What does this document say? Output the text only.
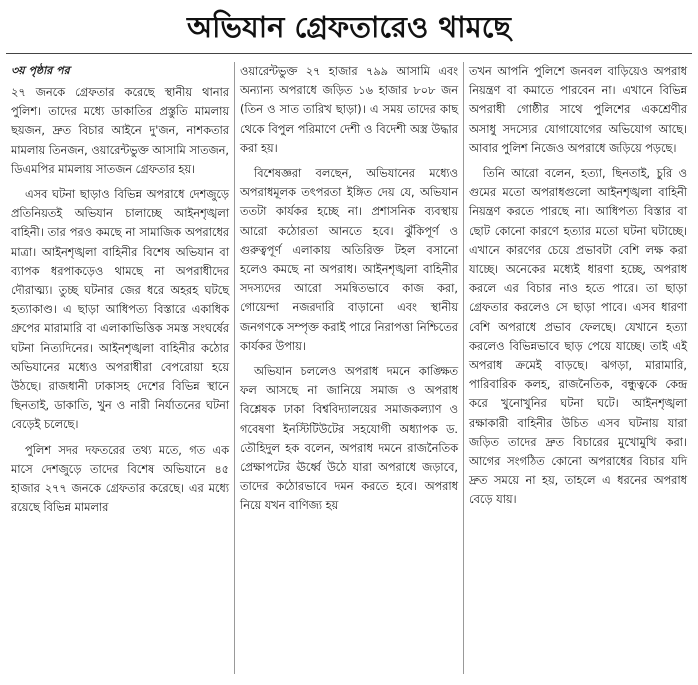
অভিযান গ্রেফতারেও থামছে
৩য় পৃষ্ঠার পর

২৭ জনকে গ্রেফতার করেছে স্থানীয় থানার পুলিশ। তাদের মধ্যে ডাকাতির প্রস্তুতি মামলায় ছয়জন, দ্রুত বিচার আইনে দু'জন, নাশকতার মামলায় তিনজন, ওয়ারেন্টভুক্ত আসামি সাতজন, ডিএমপির মামলায় সাতজন গ্রেফতার হয়।

এসব ঘটনা ছাড়াও বিভিন্ন অপরাধে দেশজুড়ে প্রতিনিয়তই অভিযান চালাচ্ছে আইনশৃঙ্খলা বাহিনী। তার পরও কমছে না সামাজিক অপরাধের মাত্রা। আইনশৃঙ্খলা বাহিনীর বিশেষ অভিযান বা ব্যাপক ধরপাকড়েও থামছে না অপরাধীদের দৌরাত্ম্য। তুচ্ছ ঘটনার জের ধরে অহরহ ঘটছে হত্যাকাণ্ড। এ ছাড়া আধিপত্য বিস্তারে একাধিক গ্রুপের মারামারি বা এলাকাভিত্তিক সমস্ত সংঘর্ষের ঘটনা নিত্যদিনের। আইনশৃঙ্খলা বাহিনীর কঠোর অভিযানের মধ্যেও অপরাধীরা বেপরোয়া হয়ে উঠছে। রাজধানী ঢাকাসহ দেশের বিভিন্ন স্থানে ছিনতাই, ডাকাতি, খুন ও নারী নির্যাতনের ঘটনা বেড়েই চলেছে।

পুলিশ সদর দফতরের তথ্য মতে, গত এক মাসে দেশজুড়ে তাদের বিশেষ অভিযানে ৪৫ হাজার ২৭৭ জনকে গ্রেফতার করেছে। এর মধ্যে রয়েছে বিভিন্ন মামলার

ওয়ারেন্টভুক্ত ২৭ হাজার ৭৯৯ আসামি এবং অন্যান্য অপরাধে জড়িত ১৬ হাজার ৮০৮ জন (তিন ও সাত তারিখ ছাড়া)। এ সময় তাদের কাছ থেকে বিপুল পরিমাণে দেশী ও বিদেশী অস্ত্র উদ্ধার করা হয়।

বিশেষজ্ঞরা বলছেন, অভিযানের মধ্যেও অপরাধমূলক তৎপরতা ইঙ্গিত দেয় যে, অভিযান ততটা কার্যকর হচ্ছে না। প্রশাসনিক ব্যবস্থায় আরো কঠোরতা আনতে হবে। ঝুঁকিপূর্ণ ও গুরুত্বপূর্ণ এলাকায় অতিরিক্ত টহল বসানো হলেও কমছে না অপরাধ। আইনশৃঙ্খলা বাহিনীর সদস্যদের আরো সমন্বিতভাবে কাজ করা, গোয়েন্দা নজরদারি বাড়ানো এবং স্থানীয় জনগণকে সম্পৃক্ত করাই পারে নিরাপত্তা নিশ্চিতের কার্যকর উপায়।

অভিযান চললেও অপরাধ দমনে কাঙ্ক্ষিত ফল আসছে না জানিয়ে সমাজ ও অপরাধ বিশ্লেষক ঢাকা বিশ্ববিদ্যালয়ের সমাজকল্যাণ ও গবেষণা ইনস্টিটিউটের সহযোগী অধ্যাপক ড. তৌহিদুল হক বলেন, অপরাধ দমনে রাজনৈতিক প্রেক্ষাপটের ঊর্ধ্বে উঠে যারা অপরাধে জড়াবে, তাদের কঠোরভাবে দমন করতে হবে। অপরাধ নিয়ে যখন বাণিজ্য হয়

তখন আপনি পুলিশে জনবল বাড়িয়েও অপরাধ নিয়ন্ত্রণ বা কমাতে পারবেন না। এখানে বিভিন্ন অপরাধী গোষ্ঠীর সাথে পুলিশের একশ্রেণীর অসাধু সদস্যের যোগাযোগের অভিযোগ আছে। আবার পুলিশ নিজেও অপরাধে জড়িয়ে পড়ছে।

তিনি আরো বলেন, হত্যা, ছিনতাই, চুরি ও গুমের মতো অপরাধগুলো আইনশৃঙ্খলা বাহিনী নিয়ন্ত্রণ করতে পারছে না। আধিপত্য বিস্তার বা ছোট কোনো কারণে হত্যার মতো ঘটনা ঘটাচ্ছে। এখানে কারণের চেয়ে প্রভাবটা বেশি লক্ষ করা যাচ্ছে। অনেকের মধ্যেই ধারণা হচ্ছে, অপরাধ করলে এর বিচার নাও হতে পারে। তা ছাড়া গ্রেফতার করলেও সে ছাড়া পাবে। এসব ধারণা বেশি অপরাধে প্রভাব ফেলছে। যেখানে হত্যা করলেও বিভিন্নভাবে ছাড় পেয়ে যাচ্ছে। তাই এই অপরাধ ক্রমেই বাড়ছে। ঝগড়া, মারামারি, পারিবারিক কলহ, রাজনৈতিক, বন্ধুত্বকে কেন্দ্র করে খুনোখুনির ঘটনা ঘটে। আইনশৃঙ্খলা রক্ষাকারী বাহিনীর উচিত এসব ঘটনায় যারা জড়িত তাদের দ্রুত বিচারের মুখোমুখি করা। আগের সংগঠিত কোনো অপরাধের বিচার যদি দ্রুত সময়ে না হয়, তাহলে এ ধরনের অপরাধ বেড়ে যায়।
